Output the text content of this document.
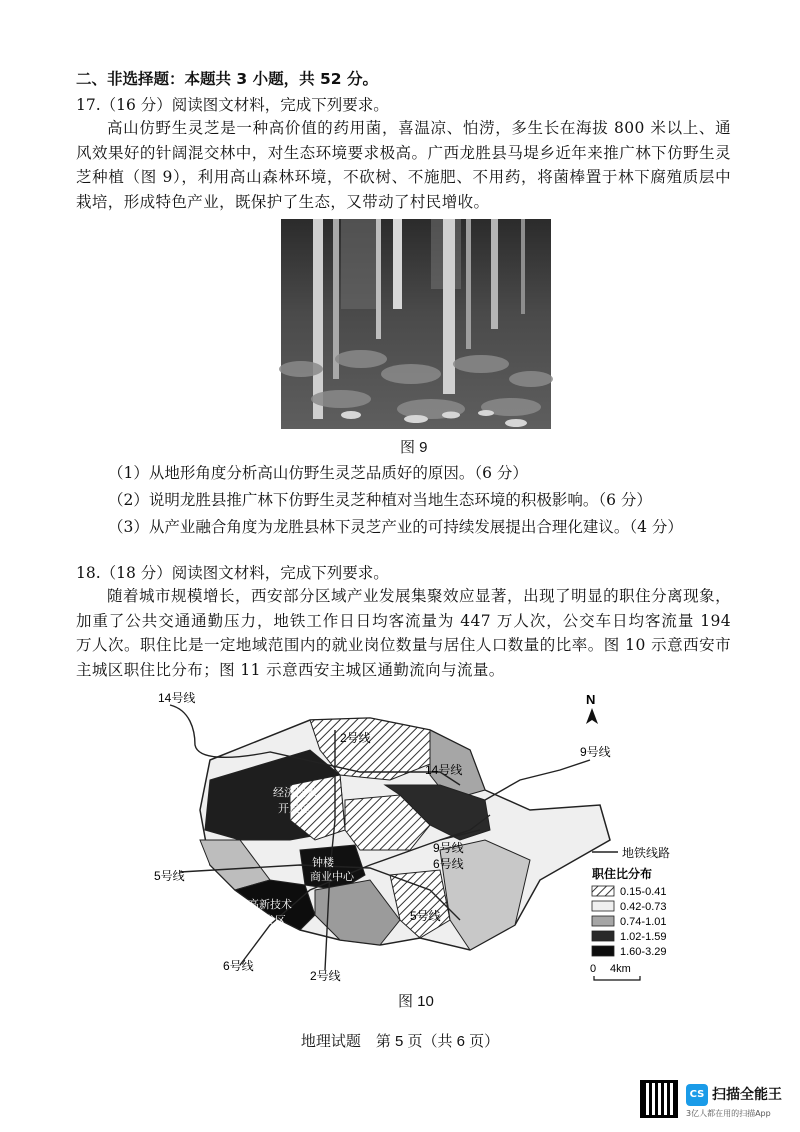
二、非选择题：本题共 3 小题，共 52 分。
17.（16 分）阅读图文材料，完成下列要求。
高山仿野生灵芝是一种高价值的药用菌，喜温凉、怕涝，多生长在海拔 800 米以上、通风效果好的针阔混交林中，对生态环境要求极高。广西龙胜县马堤乡近年来推广林下仿野生灵芝种植（图 9），利用高山森林环境，不砍树、不施肥、不用药，将菌棒置于林下腐殖质层中栽培，形成特色产业，既保护了生态，又带动了村民增收。
图 9
（1）从地形角度分析高山仿野生灵芝品质好的原因。（6 分）
（2）说明龙胜县推广林下仿野生灵芝种植对当地生态环境的积极影响。（6 分）
（3）从产业融合角度为龙胜县林下灵芝产业的可持续发展提出合理化建议。（4 分）
18.（18 分）阅读图文材料，完成下列要求。
随着城市规模增长，西安部分区域产业发展集聚效应显著，出现了明显的职住分离现象，加重了公共交通通勤压力，地铁工作日日均客流量为 447 万人次，公交车日均客流量 194 万人次。职住比是一定地域范围内的就业岗位数量与居住人口数量的比率。图 10 示意西安市主城区职住比分布；图 11 示意西安主城区通勤流向与流量。
14号线
2号线
14号线
9号线
9号线
6号线
5号线
5号线
6号线
2号线
经济技术
开发区
钟楼
商业中心
高新技术
开发区
N
地铁线路
职住比分布
0.15-0.41
0.42-0.73
0.74-1.01
1.02-1.59
1.60-3.29
0 4km
图 10
地理试题　第 5 页（共 6 页）
CS 扫描全能王
3亿人都在用的扫描App
